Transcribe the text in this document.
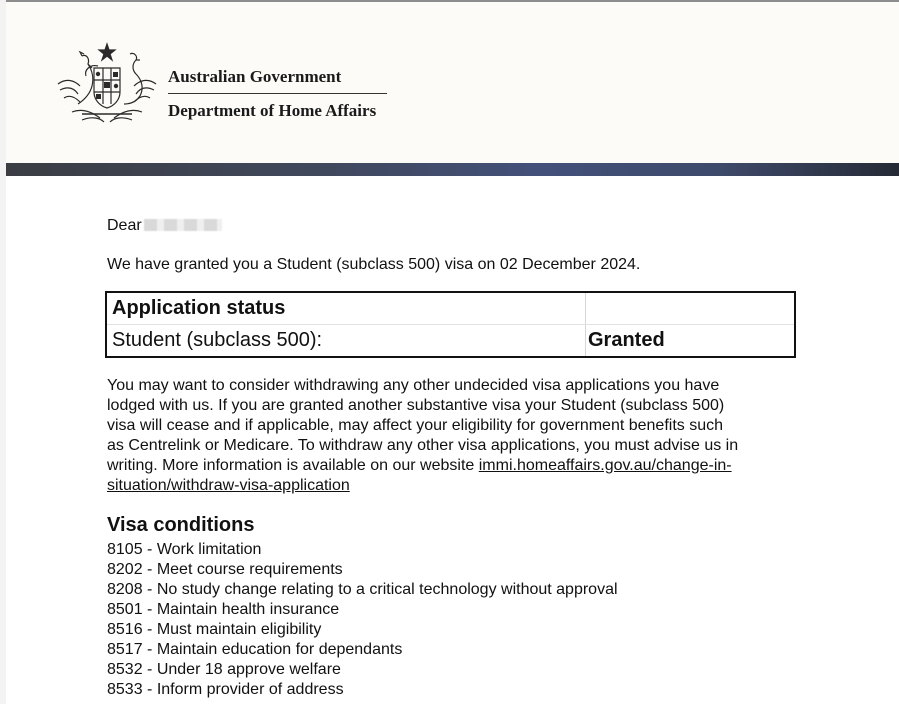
Australian Government
Department of Home Affairs
Dear
We have granted you a Student (subclass 500) visa on 02 December 2024.
Application status
Student (subclass 500):	Granted
You may want to consider withdrawing any other undecided visa applications you have
lodged with us. If you are granted another substantive visa your Student (subclass 500)
visa will cease and if applicable, may affect your eligibility for government benefits such
as Centrelink or Medicare. To withdraw any other visa applications, you must advise us in
writing. More information is available on our website immi.homeaffairs.gov.au/change-in-
situation/withdraw-visa-application
Visa conditions
8105 - Work limitation
8202 - Meet course requirements
8208 - No study change relating to a critical technology without approval
8501 - Maintain health insurance
8516 - Must maintain eligibility
8517 - Maintain education for dependants
8532 - Under 18 approve welfare
8533 - Inform provider of address
